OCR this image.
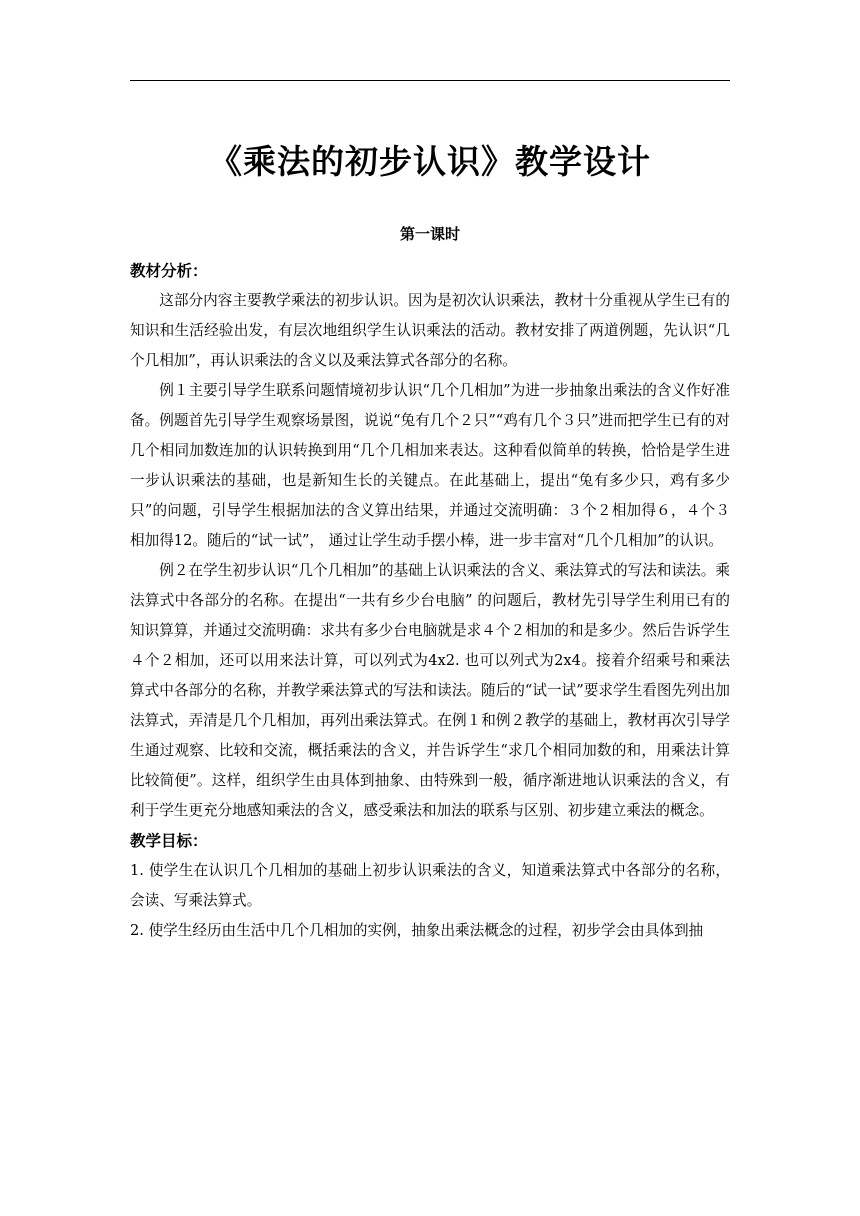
《乘法的初步认识》教学设计
第一课时
教材分析：

这部分内容主要教学乘法的初步认识。因为是初次认识乘法，教材十分重视从学生已有的知识和生活经验出发，有层次地组织学生认识乘法的活动。教材安排了两道例题，先认识“几个几相加”，再认识乘法的含义以及乘法算式各部分的名称。

例１主要引导学生联系问题情境初步认识“几个几相加”为进一步抽象出乘法的含义作好准备。例题首先引导学生观察场景图，说说“兔有几个２只”“鸡有几个３只”进而把学生已有的对几个相同加数连加的认识转换到用“几个几相加来表达。这种看似简单的转换，恰恰是学生进一步认识乘法的基础，也是新知生长的关键点。在此基础上，提出“兔有多少只，鸡有多少只”的问题，引导学生根据加法的含义算出结果，并通过交流明确：３个２相加得６，４个３相加得12。随后的“试一试”， 通过让学生动手摆小棒，进一步丰富对“几个几相加”的认识。

例２在学生初步认识“几个几相加”的基础上认识乘法的含义、乘法算式的写法和读法。乘法算式中各部分的名称。在提出“一共有乡少台电脑” 的问题后，教材先引导学生利用已有的知识算算，并通过交流明确：求共有多少台电脑就是求４个２相加的和是多少。然后告诉学生４个２相加，还可以用来法计算，可以列式为4x2. 也可以列式为2x4。接着介绍乘号和乘法算式中各部分的名称，并教学乘法算式的写法和读法。随后的“试一试”要求学生看图先列出加法算式，弄清是几个几相加，再列出乘法算式。在例１和例２教学的基础上，教材再次引导学生通过观察、比较和交流，概括乘法的含义，并告诉学生“求几个相同加数的和，用乘法计算比较简便”。这样，组织学生由具体到抽象、由特殊到一般，循序渐进地认识乘法的含义，有利于学生更充分地感知乘法的含义，感受乘法和加法的联系与区别、初步建立乘法的概念。

教学目标：
1. 使学生在认识几个几相加的基础上初步认识乘法的含义，知道乘法算式中各部分的名称，会读、写乘法算式。
2. 使学生经历由生活中几个几相加的实例，抽象出乘法概念的过程，初步学会由具体到抽
